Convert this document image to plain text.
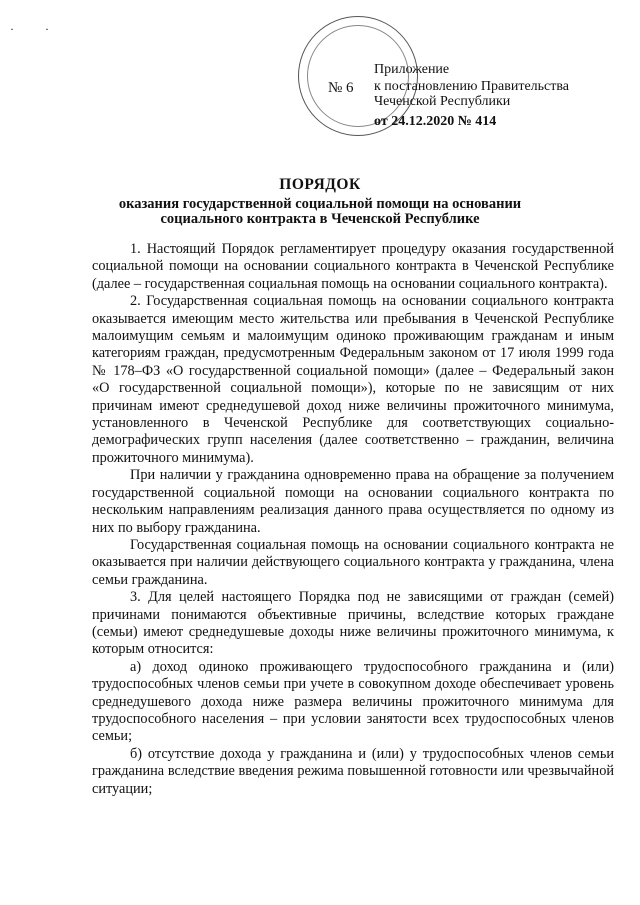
· ·
№ 6
Приложение
к постановлению Правительства
Чеченской Республики
от 24.12.2020 № 414
ПОРЯДОК
оказания государственной социальной помощи на основании социального контракта в Чеченской Республике

1. Настоящий Порядок регламентирует процедуру оказания государственной социальной помощи на основании социального контракта в Чеченской Республике (далее – государственная социальная помощь на основании социального контракта).

2. Государственная социальная помощь на основании социального контракта оказывается имеющим место жительства или пребывания в Чеченской Республике малоимущим семьям и малоимущим одиноко проживающим гражданам и иным категориям граждан, предусмотренным Федеральным законом от 17 июля 1999 года № 178–ФЗ «О государственной социальной помощи» (далее – Федеральный закон «О государственной социальной помощи»), которые по не зависящим от них причинам имеют среднедушевой доход ниже величины прожиточного минимума, установленного в Чеченской Республике для соответствующих социально-демографических групп населения (далее соответственно – гражданин, величина прожиточного минимума).

При наличии у гражданина одновременно права на обращение за получением государственной социальной помощи на основании социального контракта по нескольким направлениям реализация данного права осуществляется по одному из них по выбору гражданина.

Государственная социальная помощь на основании социального контракта не оказывается при наличии действующего социального контракта у гражданина, члена семьи гражданина.

3. Для целей настоящего Порядка под не зависящими от граждан (семей) причинами понимаются объективные причины, вследствие которых граждане (семьи) имеют среднедушевые доходы ниже величины прожиточного минимума, к которым относится:

а) доход одиноко проживающего трудоспособного гражданина и (или) трудоспособных членов семьи при учете в совокупном доходе обеспечивает уровень среднедушевого дохода ниже размера величины прожиточного минимума для трудоспособного населения – при условии занятости всех трудоспособных членов семьи;

б) отсутствие дохода у гражданина и (или) у трудоспособных членов семьи гражданина вследствие введения режима повышенной готовности или чрезвычайной ситуации;
